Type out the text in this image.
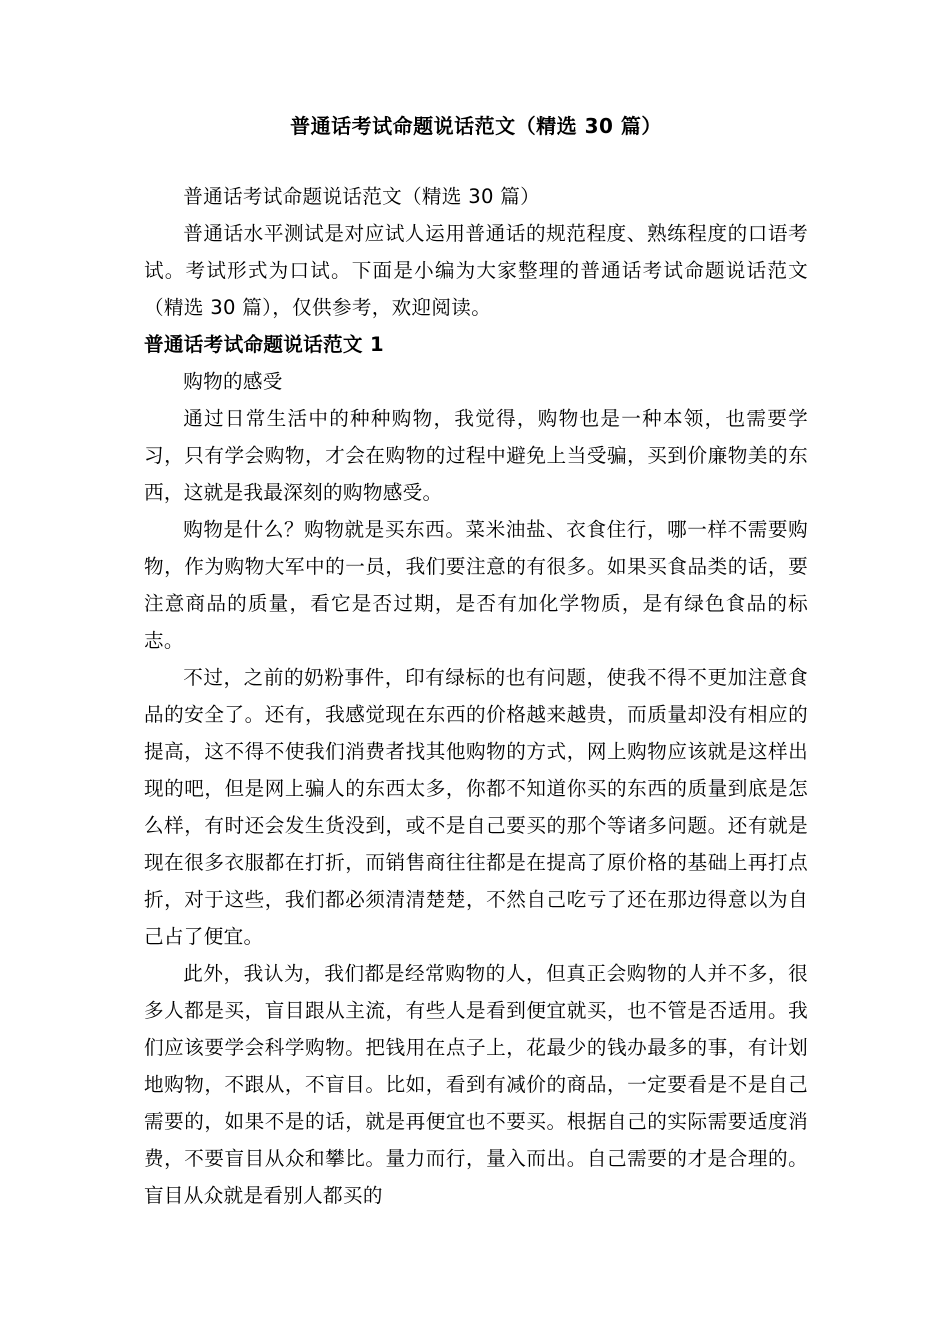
普通话考试命题说话范文（精选 30 篇）

普通话考试命题说话范文（精选 30 篇）

普通话水平测试是对应试人运用普通话的规范程度、熟练程度的口语考试。考试形式为口试。下面是小编为大家整理的普通话考试命题说话范文（精选 30 篇），仅供参考，欢迎阅读。

普通话考试命题说话范文 1

购物的感受

通过日常生活中的种种购物，我觉得，购物也是一种本领，也需要学习，只有学会购物，才会在购物的过程中避免上当受骗，买到价廉物美的东西，这就是我最深刻的购物感受。

购物是什么？购物就是买东西。菜米油盐、衣食住行，哪一样不需要购物，作为购物大军中的一员，我们要注意的有很多。如果买食品类的话，要注意商品的质量，看它是否过期，是否有加化学物质，是有绿色食品的标志。

不过，之前的奶粉事件，印有绿标的也有问题，使我不得不更加注意食品的安全了。还有，我感觉现在东西的价格越来越贵，而质量却没有相应的提高，这不得不使我们消费者找其他购物的方式，网上购物应该就是这样出现的吧，但是网上骗人的东西太多，你都不知道你买的东西的质量到底是怎么样，有时还会发生货没到，或不是自己要买的那个等诸多问题。还有就是现在很多衣服都在打折，而销售商往往都是在提高了原价格的基础上再打点折，对于这些，我们都必须清清楚楚，不然自己吃亏了还在那边得意以为自己占了便宜。

此外，我认为，我们都是经常购物的人，但真正会购物的人并不多，很多人都是买，盲目跟从主流，有些人是看到便宜就买，也不管是否适用。我们应该要学会科学购物。把钱用在点子上，花最少的钱办最多的事，有计划地购物，不跟从，不盲目。比如，看到有减价的商品，一定要看是不是自己需要的，如果不是的话，就是再便宜也不要买。根据自己的实际需要适度消费，不要盲目从众和攀比。量力而行，量入而出。自己需要的才是合理的。盲目从众就是看别人都买的
